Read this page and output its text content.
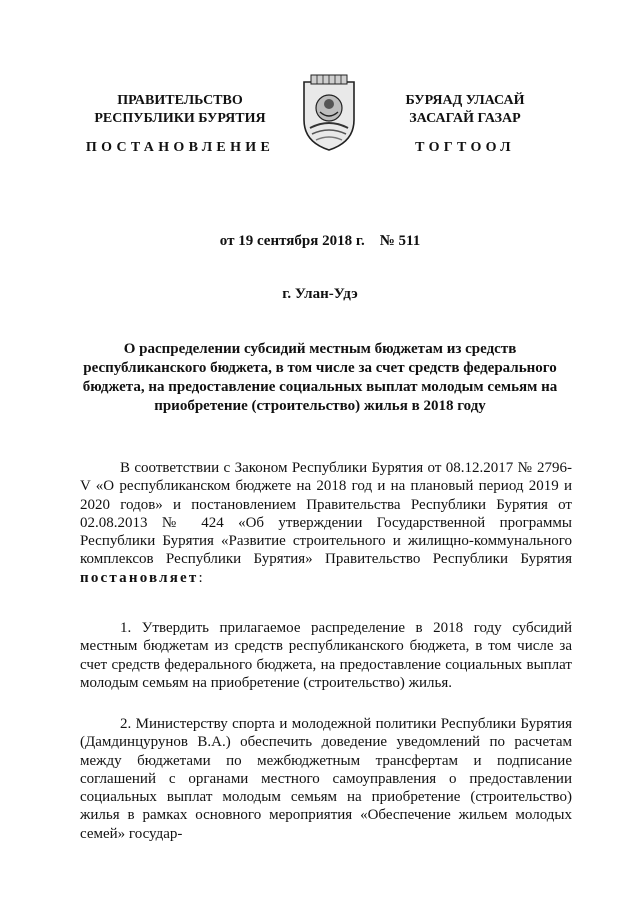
ПРАВИТЕЛЬСТВО
РЕСПУБЛИКИ БУРЯТИЯ
БУРЯАД УЛАСАЙ
ЗАСАГАЙ ГАЗАР
ПОСТАНОВЛЕНИЕ	ТОГТООЛ
от 19 сентября 2018 г.    № 511
г. Улан-Удэ
О распределении субсидий местным бюджетам из средств республиканского бюджета, в том числе за счет средств федерального бюджета, на предоставление социальных выплат молодым семьям на приобретение (строительство) жилья в 2018 году
В соответствии с Законом Республики Бурятия от 08.12.2017 № 2796-V «О республиканском бюджете на 2018 год и на плановый период 2019 и 2020 годов» и постановлением Правительства Республики Бурятия от 02.08.2013 № 424 «Об утверждении Государственной программы Республики Бурятия «Развитие строительного и жилищно-коммунального комплексов Республики Бурятия» Правительство Республики Бурятия постановляет:
1. Утвердить прилагаемое распределение в 2018 году субсидий местным бюджетам из средств республиканского бюджета, в том числе за счет средств федерального бюджета, на предоставление социальных выплат молодым семьям на приобретение (строительство) жилья.
2. Министерству спорта и молодежной политики Республики Бурятия (Дамдинцурунов В.А.) обеспечить доведение уведомлений по расчетам между бюджетами по межбюджетным трансфертам и подписание соглашений с органами местного самоуправления о предоставлении социальных выплат молодым семьям на приобретение (строительство) жилья в рамках основного мероприятия «Обеспечение жильем молодых семей» государ-
